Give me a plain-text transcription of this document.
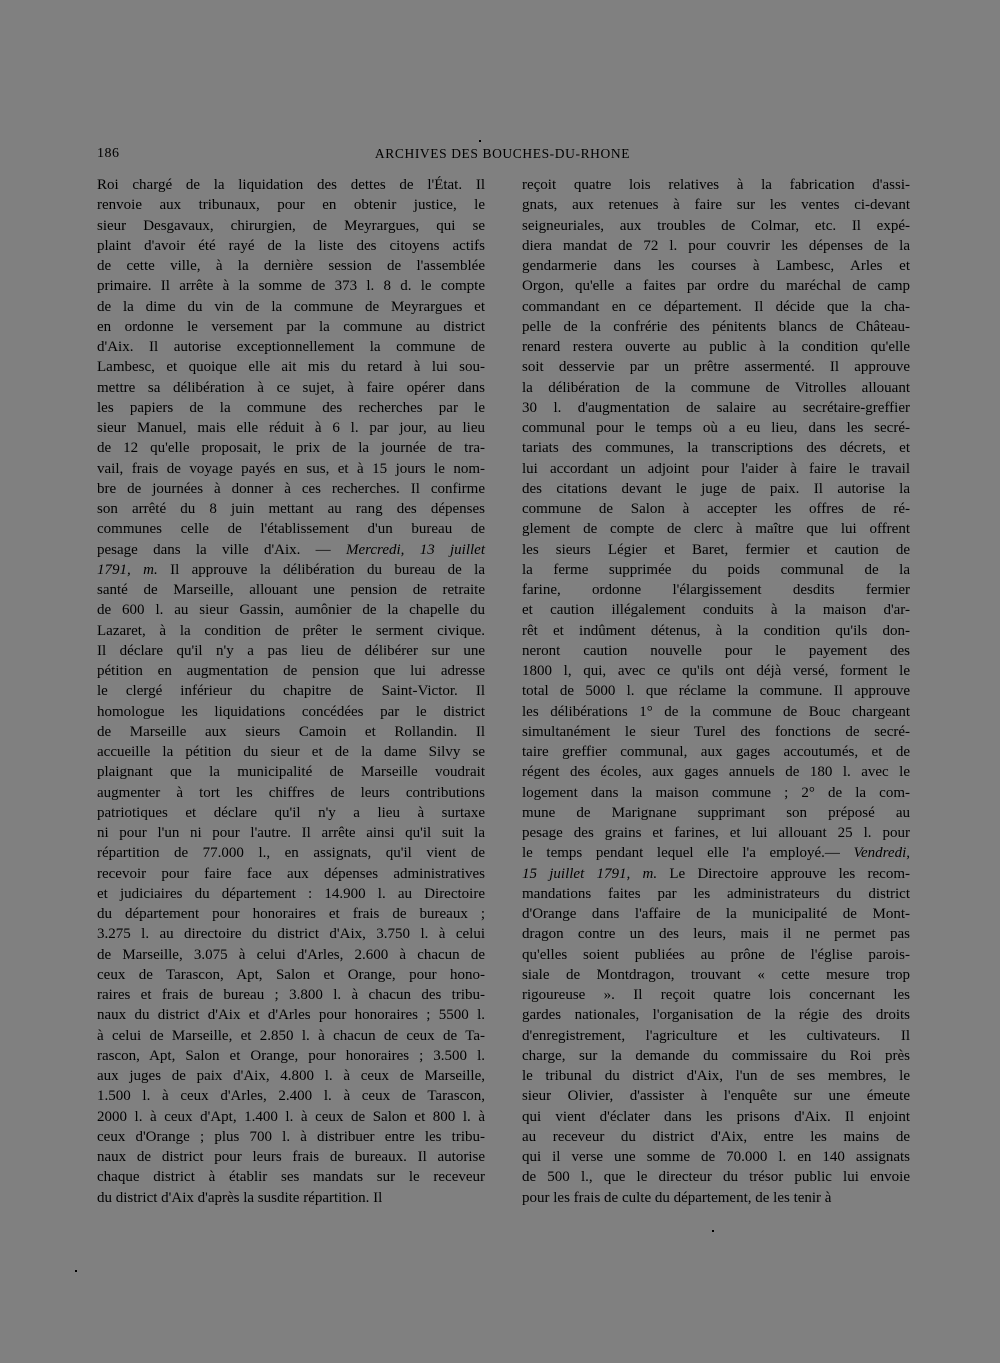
186	ARCHIVES DES BOUCHES-DU-RHONE
Roi chargé de la liquidation des dettes de l'État. Il
renvoie aux tribunaux, pour en obtenir justice, le
sieur Desgavaux, chirurgien, de Meyrargues, qui se
plaint d'avoir été rayé de la liste des citoyens actifs
de cette ville, à la dernière session de l'assemblée
primaire. Il arrête à la somme de 373 l. 8 d. le compte
de la dime du vin de la commune de Meyrargues et
en ordonne le versement par la commune au district
d'Aix. Il autorise exceptionnellement la commune de
Lambesc, et quoique elle ait mis du retard à lui sou-
mettre sa délibération à ce sujet, à faire opérer dans
les papiers de la commune des recherches par le
sieur Manuel, mais elle réduit à 6 l. par jour, au lieu
de 12 qu'elle proposait, le prix de la journée de tra-
vail, frais de voyage payés en sus, et à 15 jours le nom-
bre de journées à donner à ces recherches. Il confirme
son arrêté du 8 juin mettant au rang des dépenses
communes celle de l'établissement d'un bureau de
pesage dans la ville d'Aix. — Mercredi, 13 juillet
1791, m. Il approuve la délibération du bureau de la
santé de Marseille, allouant une pension de retraite
de 600 l. au sieur Gassin, aumônier de la chapelle du
Lazaret, à la condition de prêter le serment civique.
Il déclare qu'il n'y a pas lieu de délibérer sur une
pétition en augmentation de pension que lui adresse
le clergé inférieur du chapitre de Saint-Victor. Il
homologue les liquidations concédées par le district
de Marseille aux sieurs Camoin et Rollandin. Il
accueille la pétition du sieur et de la dame Silvy se
plaignant que la municipalité de Marseille voudrait
augmenter à tort les chiffres de leurs contributions
patriotiques et déclare qu'il n'y a lieu à surtaxe
ni pour l'un ni pour l'autre. Il arrête ainsi qu'il suit la
répartition de 77.000 l., en assignats, qu'il vient de
recevoir pour faire face aux dépenses administratives
et judiciaires du département : 14.900 l. au Directoire
du département pour honoraires et frais de bureaux ;
3.275 l. au directoire du district d'Aix, 3.750 l. à celui
de Marseille, 3.075 à celui d'Arles, 2.600 à chacun de
ceux de Tarascon, Apt, Salon et Orange, pour hono-
raires et frais de bureau ; 3.800 l. à chacun des tribu-
naux du district d'Aix et d'Arles pour honoraires ; 5500 l.
à celui de Marseille, et 2.850 l. à chacun de ceux de Ta-
rascon, Apt, Salon et Orange, pour honoraires ; 3.500 l.
aux juges de paix d'Aix, 4.800 l. à ceux de Marseille,
1.500 l. à ceux d'Arles, 2.400 l. à ceux de Tarascon,
2000 l. à ceux d'Apt, 1.400 l. à ceux de Salon et 800 l. à
ceux d'Orange ; plus 700 l. à distribuer entre les tribu-
naux de district pour leurs frais de bureaux. Il autorise
chaque district à établir ses mandats sur le receveur
du district d'Aix d'après la susdite répartition. Il
reçoit quatre lois relatives à la fabrication d'assi-
gnats, aux retenues à faire sur les ventes ci-devant
seigneuriales, aux troubles de Colmar, etc. Il expé-
diera mandat de 72 l. pour couvrir les dépenses de la
gendarmerie dans les courses à Lambesc, Arles et
Orgon, qu'elle a faites par ordre du maréchal de camp
commandant en ce département. Il décide que la cha-
pelle de la confrérie des pénitents blancs de Château-
renard restera ouverte au public à la condition qu'elle
soit desservie par un prêtre assermenté. Il approuve
la délibération de la commune de Vitrolles allouant
30 l. d'augmentation de salaire au secrétaire-greffier
communal pour le temps où a eu lieu, dans les secré-
tariats des communes, la transcriptions des décrets, et
lui accordant un adjoint pour l'aider à faire le travail
des citations devant le juge de paix. Il autorise la
commune de Salon à accepter les offres de ré-
glement de compte de clerc à maître que lui offrent
les sieurs Légier et Baret, fermier et caution de
la ferme supprimée du poids communal de la
farine, ordonne l'élargissement desdits fermier
et caution illégalement conduits à la maison d'ar-
rêt et indûment détenus, à la condition qu'ils don-
neront caution nouvelle pour le payement des
1800 l, qui, avec ce qu'ils ont déjà versé, forment le
total de 5000 l. que réclame la commune. Il approuve
les délibérations 1° de la commune de Bouc chargeant
simultanément le sieur Turel des fonctions de secré-
taire greffier communal, aux gages accoutumés, et de
régent des écoles, aux gages annuels de 180 l. avec le
logement dans la maison commune ; 2° de la com-
mune de Marignane supprimant son préposé au
pesage des grains et farines, et lui allouant 25 l. pour
le temps pendant lequel elle l'a employé.— Vendredi,
15 juillet 1791, m. Le Directoire approuve les recom-
mandations faites par les administrateurs du district
d'Orange dans l'affaire de la municipalité de Mont-
dragon contre un des leurs, mais il ne permet pas
qu'elles soient publiées au prône de l'église parois-
siale de Montdragon, trouvant « cette mesure trop
rigoureuse ». Il reçoit quatre lois concernant les
gardes nationales, l'organisation de la régie des droits
d'enregistrement, l'agriculture et les cultivateurs. Il
charge, sur la demande du commissaire du Roi près
le tribunal du district d'Aix, l'un de ses membres, le
sieur Olivier, d'assister à l'enquête sur une émeute
qui vient d'éclater dans les prisons d'Aix. Il enjoint
au receveur du district d'Aix, entre les mains de
qui il verse une somme de 70.000 l. en 140 assignats
de 500 l., que le directeur du trésor public lui envoie
pour les frais de culte du département, de les tenir à
